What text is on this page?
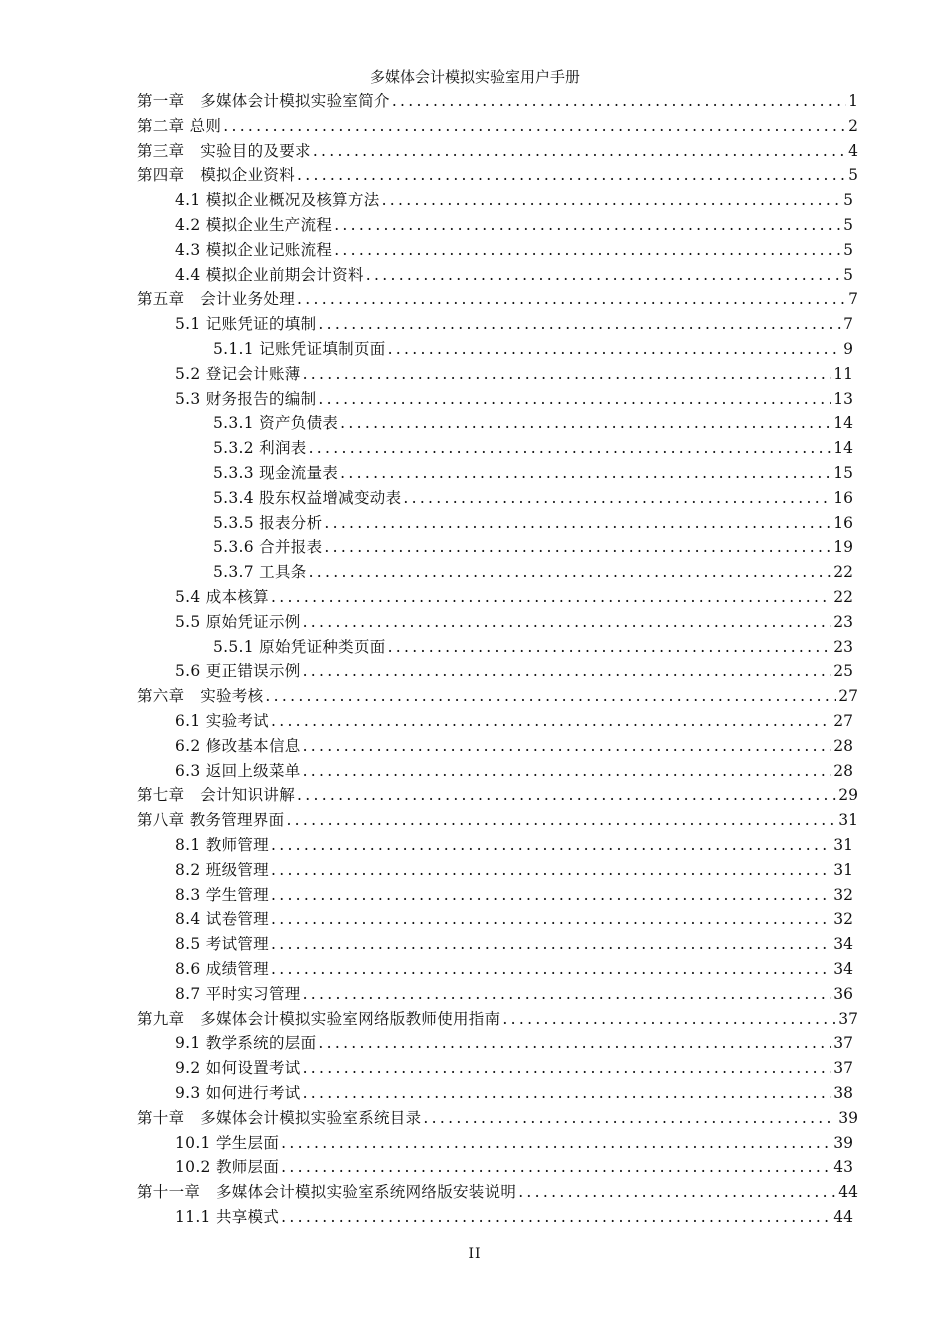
多媒体会计模拟实验室用户手册
第一章　多媒体会计模拟实验室简介 .....	1
第二章 总则 .....	2
第三章　实验目的及要求 .....	4
第四章　模拟企业资料 .....	5
4.1 模拟企业概况及核算方法 .....	5
4.2 模拟企业生产流程 .....	5
4.3 模拟企业记账流程 .....	5
4.4 模拟企业前期会计资料 .....	5
第五章　会计业务处理 .....	7
5.1 记账凭证的填制 .....	7
5.1.1 记账凭证填制页面 .....	9
5.2 登记会计账薄 .....	11
5.3 财务报告的编制 .....	13
5.3.1 资产负债表 .....	14
5.3.2 利润表 .....	14
5.3.3 现金流量表 .....	15
5.3.4 股东权益增减变动表 .....	16
5.3.5 报表分析 .....	16
5.3.6 合并报表 .....	19
5.3.7 工具条 .....	22
5.4 成本核算 .....	22
5.5 原始凭证示例 .....	23
5.5.1 原始凭证种类页面 .....	23
5.6 更正错误示例 .....	25
第六章　实验考核 .....	27
6.1 实验考试 .....	27
6.2 修改基本信息 .....	28
6.3 返回上级菜单 .....	28
第七章　会计知识讲解 .....	29
第八章 教务管理界面 .....	31
8.1 教师管理 .....	31
8.2 班级管理 .....	31
8.3 学生管理 .....	32
8.4 试卷管理 .....	32
8.5 考试管理 .....	34
8.6 成绩管理 .....	34
8.7 平时实习管理 .....	36
第九章　多媒体会计模拟实验室网络版教师使用指南 .....	37
9.1 教学系统的层面 .....	37
9.2 如何设置考试 .....	37
9.3 如何进行考试 .....	38
第十章　多媒体会计模拟实验室系统目录 .....	39
10.1 学生层面 .....	39
10.2 教师层面 .....	43
第十一章　多媒体会计模拟实验室系统网络版安装说明 .....	44
11.1 共享模式 .....	44
II
